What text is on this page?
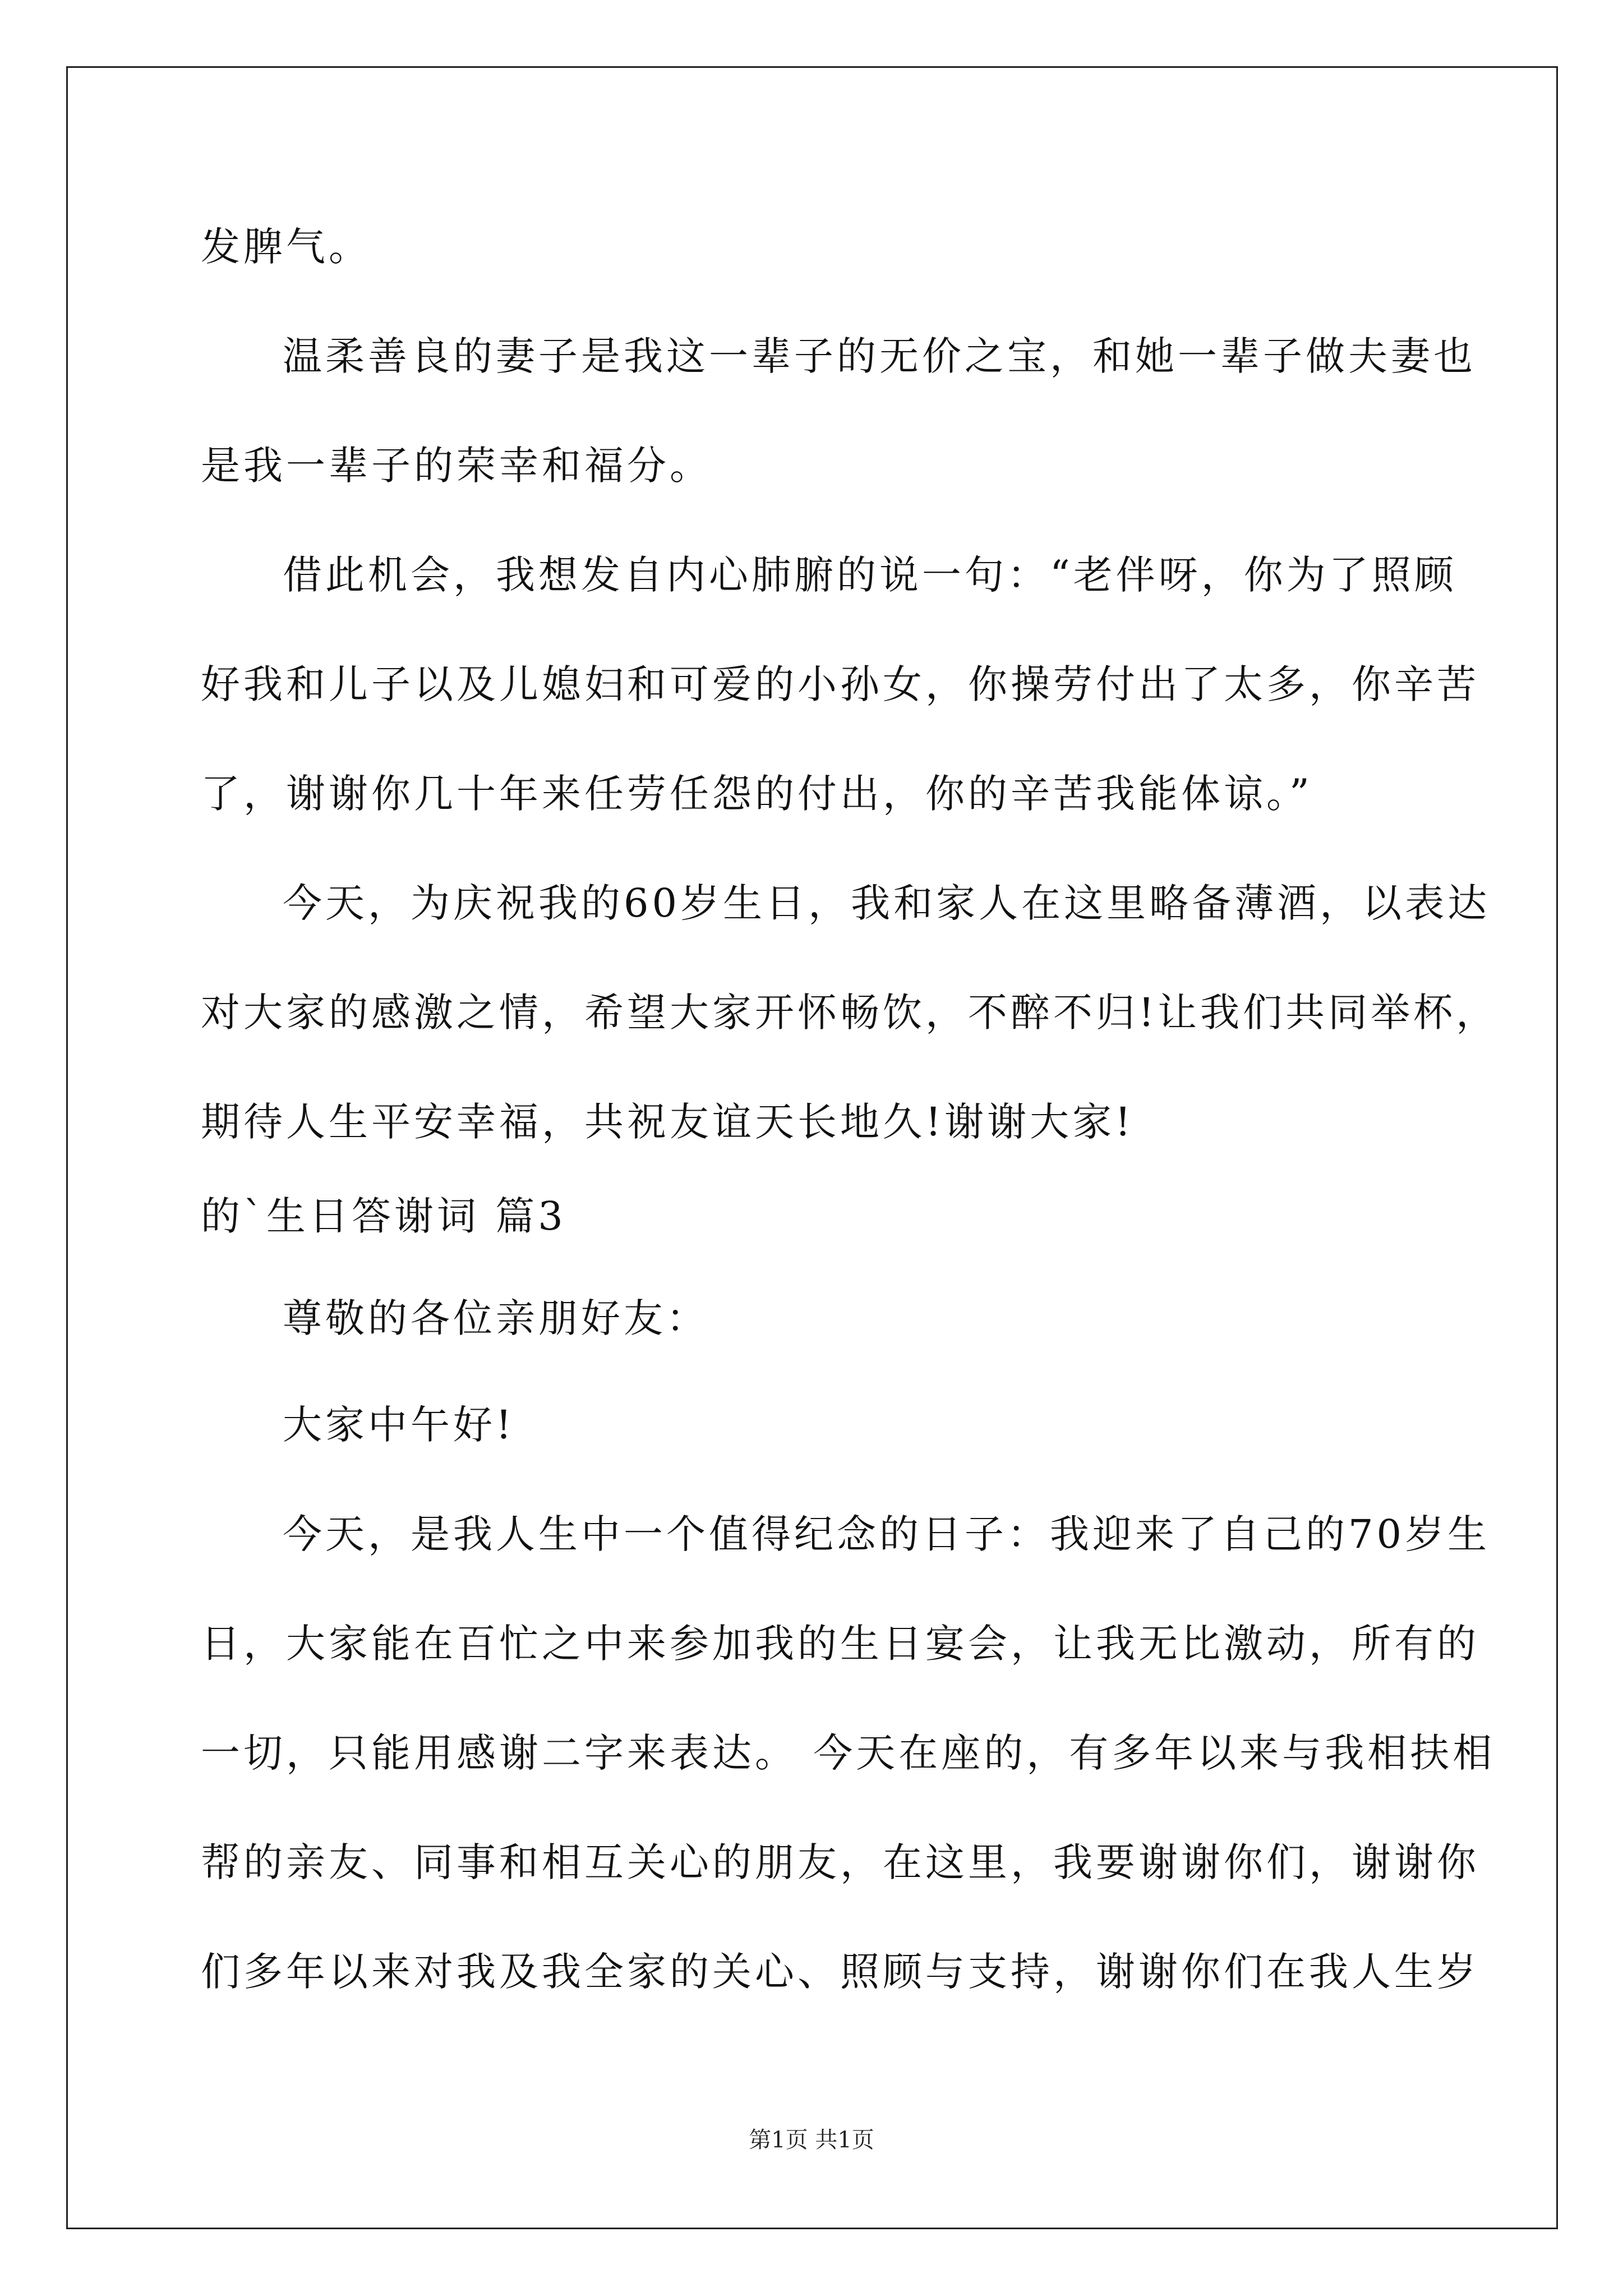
发脾气。
温柔善良的妻子是我这一辈子的无价之宝，和她一辈子做夫妻也
是我一辈子的荣幸和福分。
借此机会，我想发自内心肺腑的说一句：“老伴呀，你为了照顾
好我和儿子以及儿媳妇和可爱的小孙女，你操劳付出了太多，你辛苦
了，谢谢你几十年来任劳任怨的付出，你的辛苦我能体谅。”
今天，为庆祝我的60岁生日，我和家人在这里略备薄酒，以表达
对大家的感激之情，希望大家开怀畅饮，不醉不归!让我们共同举杯，
期待人生平安幸福，共祝友谊天长地久!谢谢大家!
的`生日答谢词 篇3
尊敬的各位亲朋好友：
大家中午好!
今天，是我人生中一个值得纪念的日子：我迎来了自己的70岁生
日，大家能在百忙之中来参加我的生日宴会，让我无比激动，所有的
一切，只能用感谢二字来表达。 今天在座的，有多年以来与我相扶相
帮的亲友、同事和相互关心的朋友，在这里，我要谢谢你们，谢谢你
们多年以来对我及我全家的关心、照顾与支持，谢谢你们在我人生岁
第1页 共1页
